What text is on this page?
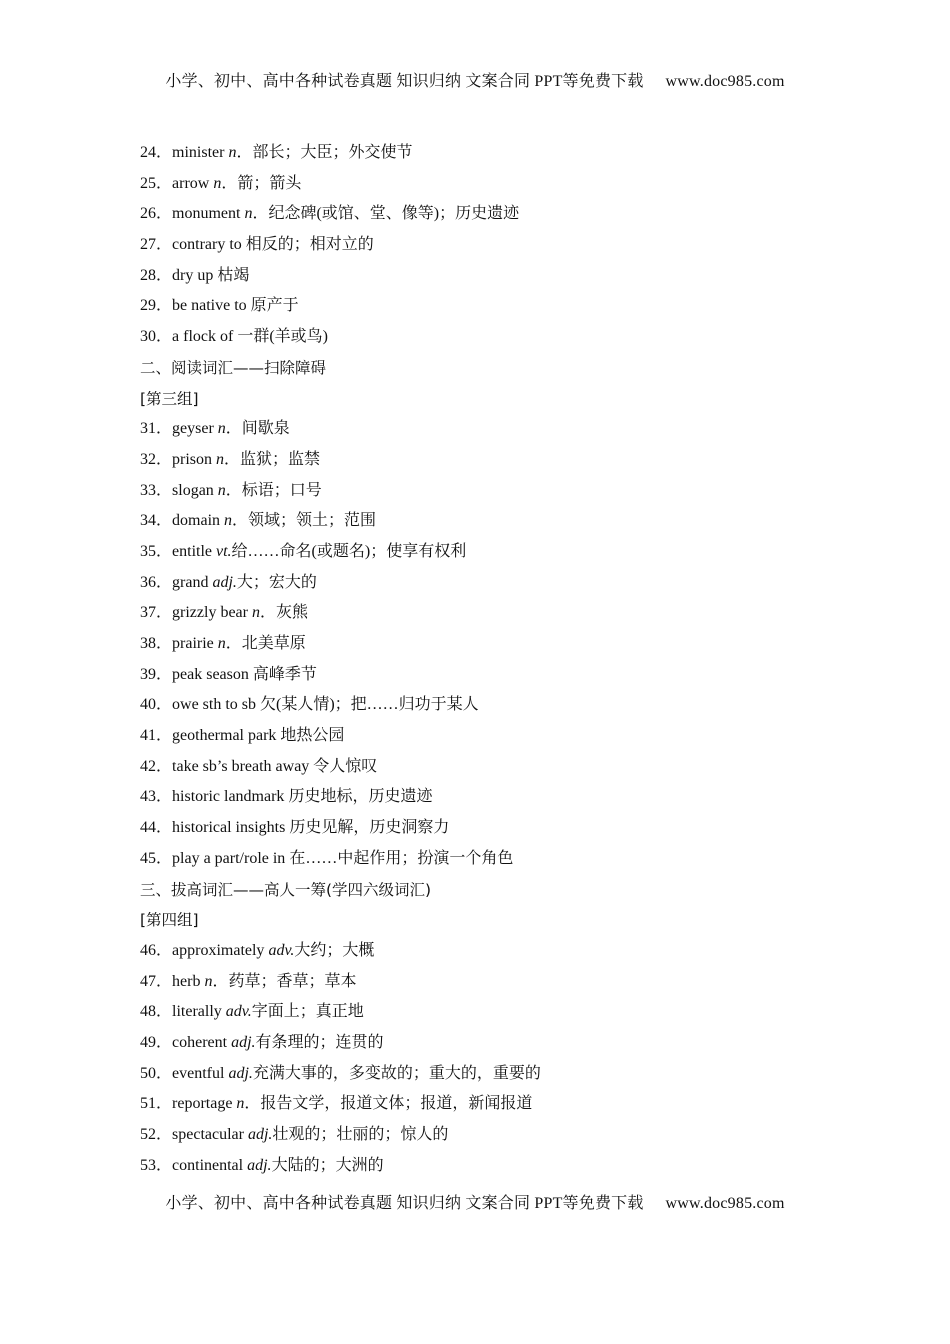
小学、初中、高中各种试卷真题 知识归纳 文案合同 PPT等免费下载 www.doc985.com
24．minister n．部长；大臣；外交使节
25．arrow n．箭；箭头
26．monument n．纪念碑(或馆、堂、像等)；历史遗迹
27．contrary to 相反的；相对立的
28．dry up 枯竭
29．be native to 原产于
30．a flock of 一群(羊或鸟)
二、阅读词汇——扫除障碍
[第三组]
31．geyser n．间歇泉
32．prison n．监狱；监禁
33．slogan n．标语；口号
34．domain n．领域；领土；范围
35．entitle vt.给……命名(或题名)；使享有权利
36．grand adj.大；宏大的
37．grizzly bear n．灰熊
38．prairie n．北美草原
39．peak season 高峰季节
40．owe sth to sb 欠(某人情)；把……归功于某人
41．geothermal park 地热公园
42．take sb’s breath away 令人惊叹
43．historic landmark 历史地标，历史遗迹
44．historical insights 历史见解，历史洞察力
45．play a part/role in 在……中起作用；扮演一个角色
三、拔高词汇——高人一筹(学四六级词汇)
[第四组]
46．approximately adv.大约；大概
47．herb n．药草；香草；草本
48．literally adv.字面上；真正地
49．coherent adj.有条理的；连贯的
50．eventful adj.充满大事的，多变故的；重大的，重要的
51．reportage n．报告文学，报道文体；报道，新闻报道
52．spectacular adj.壮观的；壮丽的；惊人的
53．continental adj.大陆的；大洲的
小学、初中、高中各种试卷真题 知识归纳 文案合同 PPT等免费下载 www.doc985.com
